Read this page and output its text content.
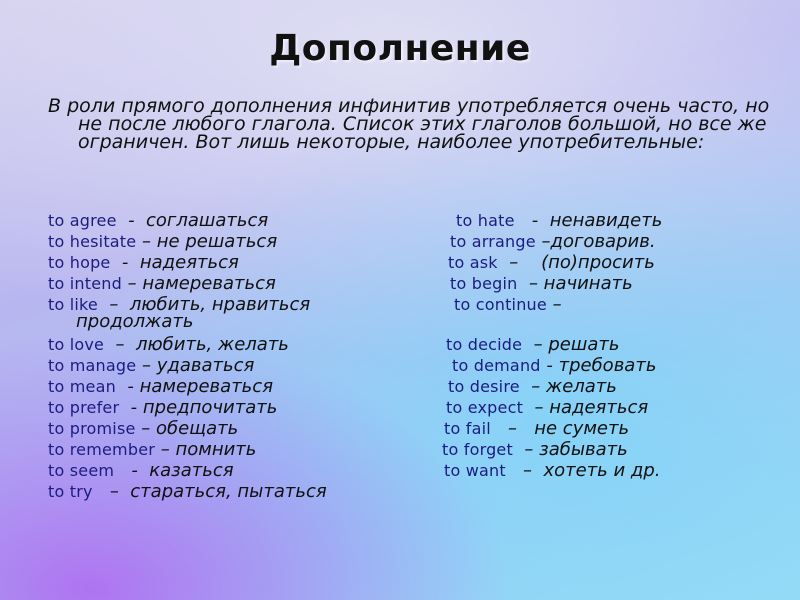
Дополнение

В роли прямого дополнения инфинитив употребляется очень часто, но не после любого глагола. Список этих глаголов большой, но все же ограничен. Вот лишь некоторые, наиболее употребительные:

to agree  -  соглашаться	to hate   -  ненавидеть
to hesitate – не решаться	to arrange –договарив.
to hope  -  надеяться	to ask  –    (по)просить
to intend – намереваться	to begin  – начинать
to like  –  любить, нравиться	to continue –
продолжать
to love  –  любить, желать	to decide  – решать
to manage – удаваться	to demand - требовать
to mean  - намереваться	to desire  – желать
to prefer  - предпочитать	to expect  – надеяться
to promise – обещать	to fail   –   не суметь
to remember – помнить	to forget  – забывать
to seem   -  казаться	to want   –  хотеть и др.
to try   –  стараться, пытаться
